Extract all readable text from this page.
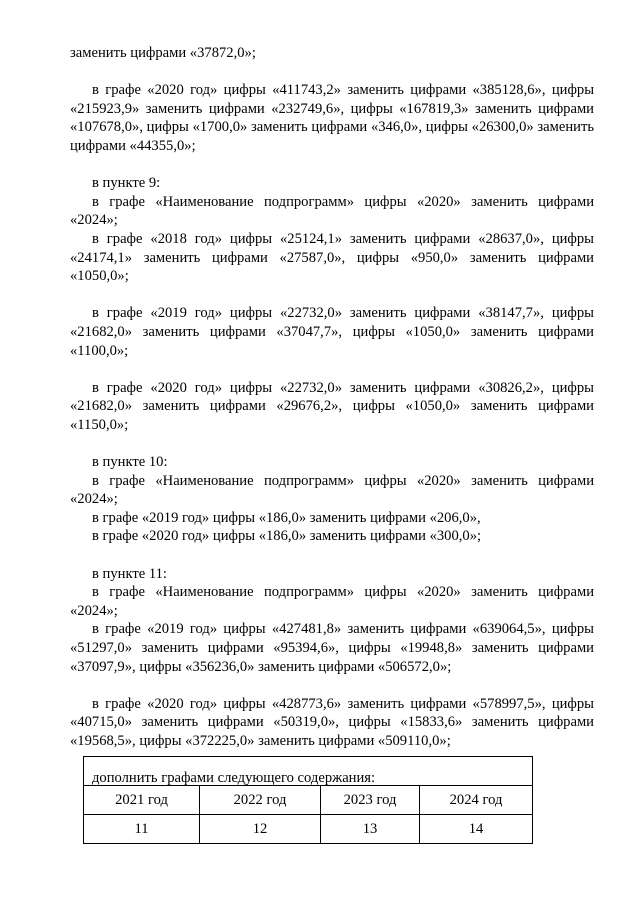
заменить цифрами «37872,0»;

в графе «2020 год» цифры «411743,2» заменить цифрами «385128,6», цифры «215923,9» заменить цифрами «232749,6», цифры «167819,3» заменить цифрами «107678,0», цифры «1700,0» заменить цифрами «346,0», цифры «26300,0» заменить цифрами «44355,0»;

в пункте 9:

в графе «Наименование подпрограмм» цифры «2020» заменить цифрами «2024»;

в графе «2018 год» цифры «25124,1» заменить цифрами «28637,0», цифры «24174,1» заменить цифрами «27587,0», цифры «950,0» заменить цифрами «1050,0»;

в графе «2019 год» цифры «22732,0» заменить цифрами «38147,7», цифры «21682,0» заменить цифрами «37047,7», цифры «1050,0» заменить цифрами «1100,0»;

в графе «2020 год» цифры «22732,0» заменить цифрами «30826,2», цифры «21682,0» заменить цифрами «29676,2», цифры «1050,0» заменить цифрами «1150,0»;

в пункте 10:

в графе «Наименование подпрограмм» цифры «2020» заменить цифрами «2024»;

в графе «2019 год» цифры «186,0» заменить цифрами «206,0»,

в графе «2020 год» цифры «186,0» заменить цифрами «300,0»;

в пункте 11:

в графе «Наименование подпрограмм» цифры «2020» заменить цифрами «2024»;

в графе «2019 год» цифры «427481,8» заменить цифрами «639064,5», цифры «51297,0» заменить цифрами «95394,6», цифры «19948,8» заменить цифрами «37097,9», цифры «356236,0» заменить цифрами «506572,0»;

в графе «2020 год» цифры «428773,6» заменить цифрами «578997,5», цифры «40715,0» заменить цифрами «50319,0», цифры «15833,6» заменить цифрами «19568,5», цифры «372225,0» заменить цифрами «509110,0»;

дополнить графами следующего содержания:

2021 год	2022 год	2023 год	2024 год
11	12	13	14
